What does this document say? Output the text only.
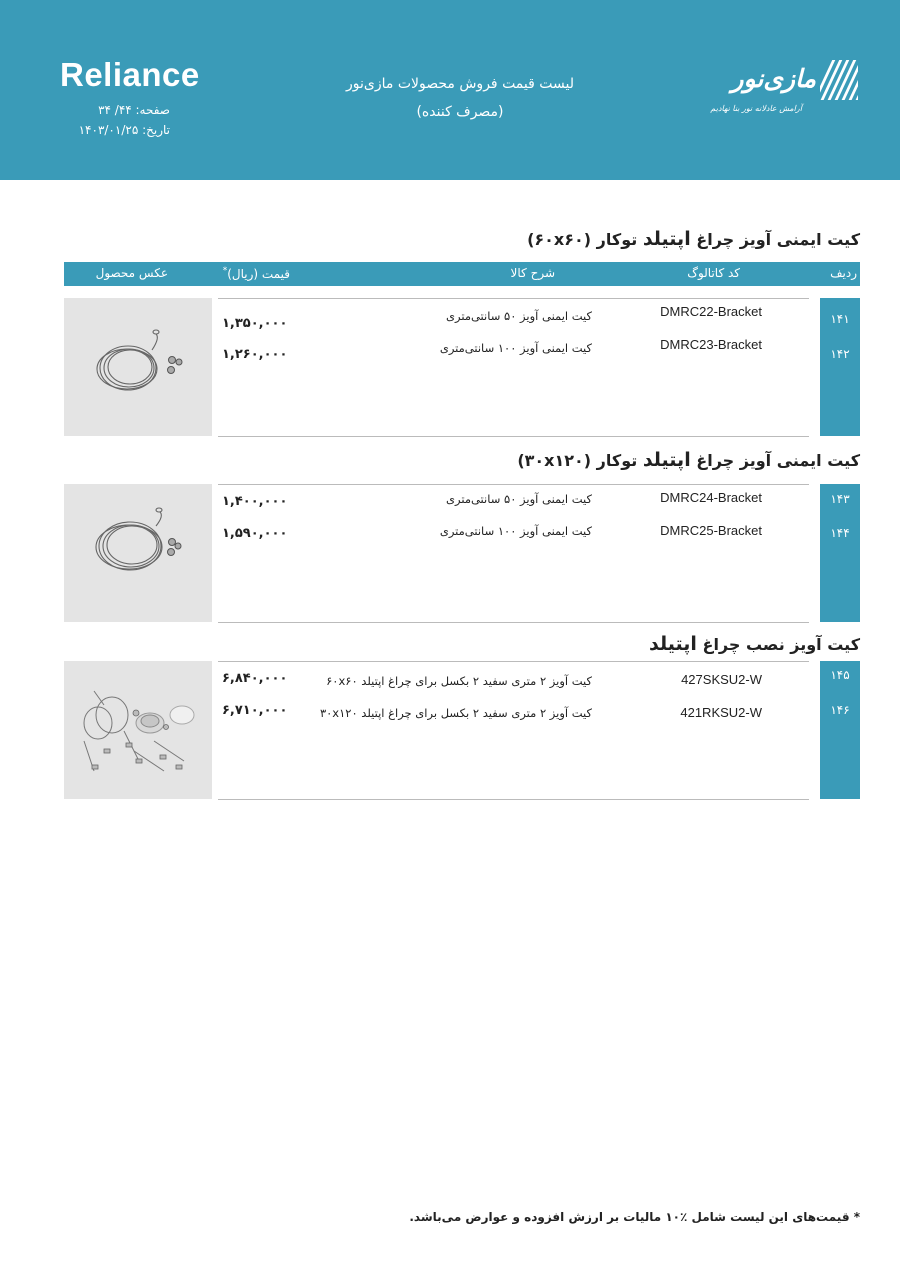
Reliance
صفحه: ۴۴/ ۳۴
تاریخ: ۱۴۰۳/۰۱/۲۵
لیست قیمت فروش محصولات مازی‌نور
(مصرف کننده)
مازی‌نور
آرامش عادلانه نور بنا نهادیم
ردیف
کد کاتالوگ
شرح کالا
قیمت (ریال)*
عکس محصول
کیت ایمنی آویز چراغ اپتیلد توکار (۶۰x۶۰)
۱۴۱
DMRC22-Bracket
کیت ایمنی آویز ۵۰ سانتی‌متری
۱,۳۵۰,۰۰۰
۱۴۲
DMRC23-Bracket
کیت ایمنی آویز ۱۰۰ سانتی‌متری
۱,۲۶۰,۰۰۰
کیت ایمنی آویز چراغ اپتیلد توکار (۳۰x۱۲۰)
۱۴۳
DMRC24-Bracket
کیت ایمنی آویز ۵۰ سانتی‌متری
۱,۴۰۰,۰۰۰
۱۴۴
DMRC25-Bracket
کیت ایمنی آویز ۱۰۰ سانتی‌متری
۱,۵۹۰,۰۰۰
کیت آویز نصب چراغ اپتیلد
۱۴۵
427SKSU2-W
کیت آویز ۲ متری سفید ۲ بکسل برای چراغ اپتیلد ۶۰x۶۰
۶,۸۴۰,۰۰۰
۱۴۶
421RKSU2-W
کیت آویز ۲ متری سفید ۲ بکسل برای چراغ اپتیلد ۳۰x۱۲۰
۶,۷۱۰,۰۰۰
* قیمت‌های این لیست شامل ٪۱۰ مالیات بر ارزش افزوده و عوارض می‌باشد.
